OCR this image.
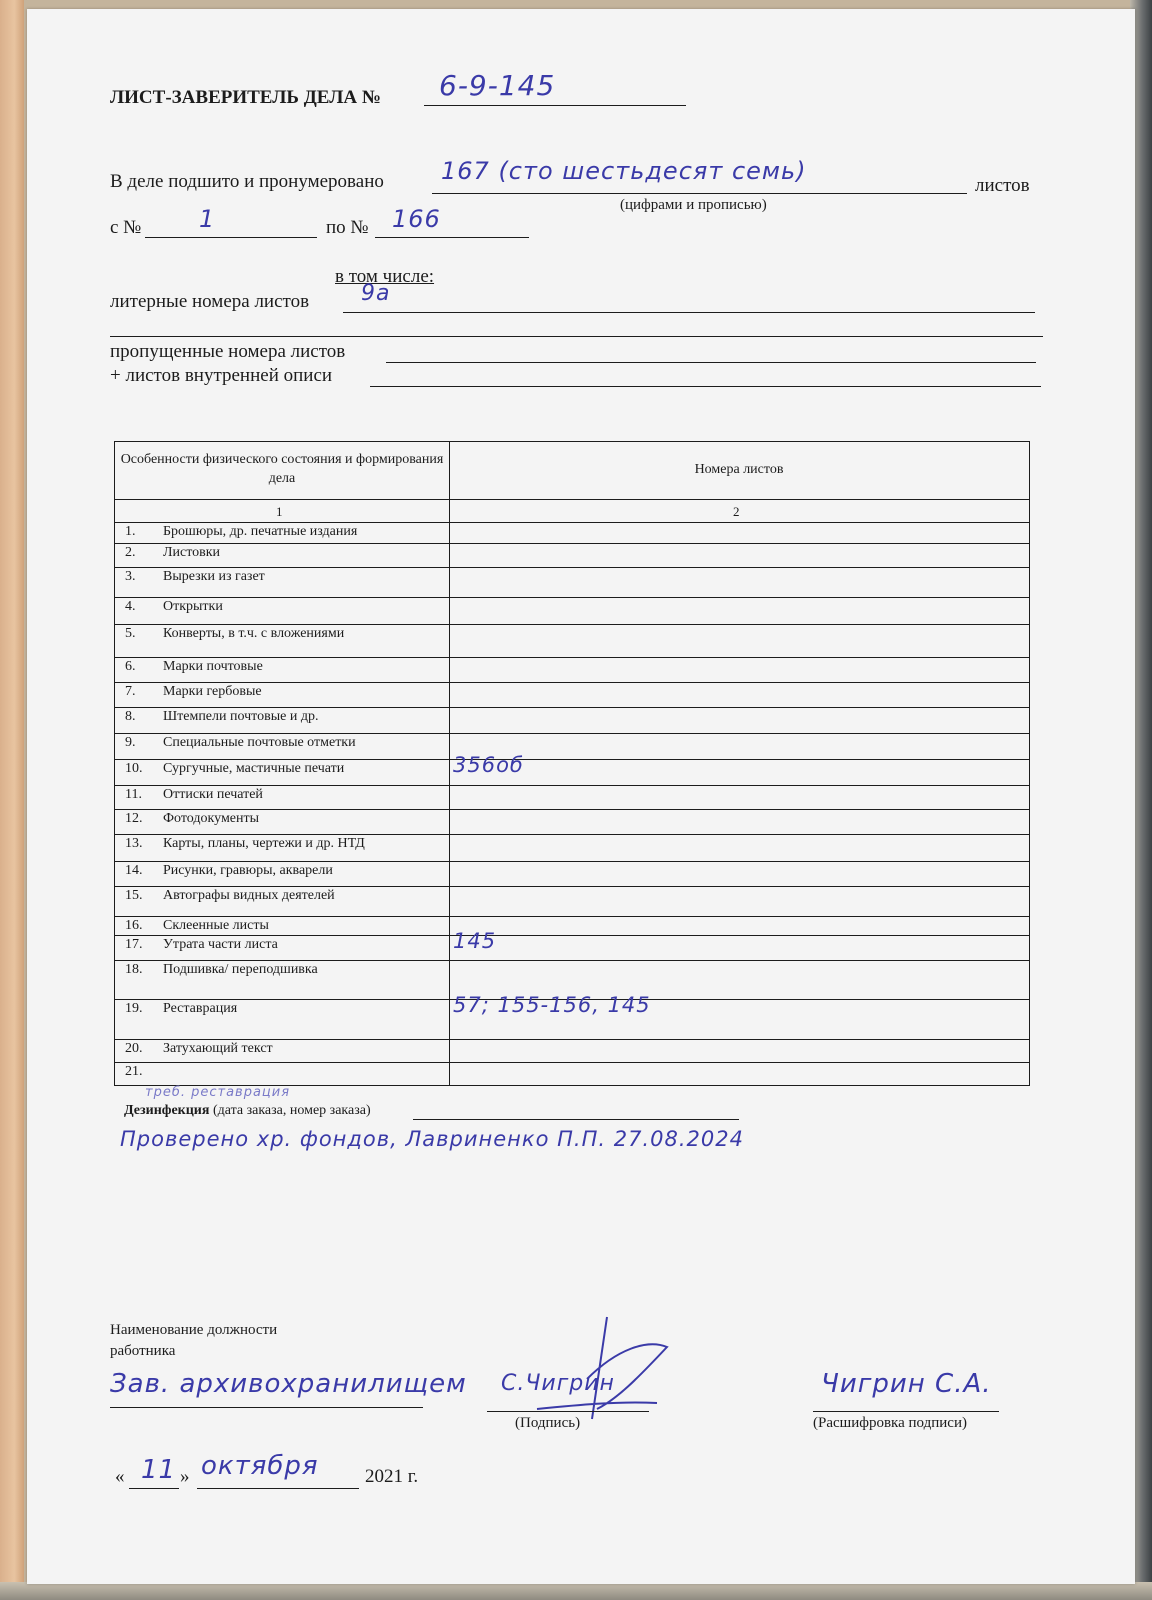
ЛИСТ-ЗАВЕРИТЕЛЬ ДЕЛА № 6-9-145
В деле подшито и пронумеровано 167 (сто шестьдесят семь)
листов
(цифрами и прописью)
с № 1	по № 166
в том числе:
литерные номера листов 9а
пропущенные номера листов
+ листов внутренней описи
Особенности физического состояния и формирования дела
Номера листов
1	2
1. Брошюры, др. печатные издания
2. Листовки
3. Вырезки из газет
4. Открытки
5. Конверты, в т.ч. с вложениями
6. Марки почтовые
7. Марки гербовые
8. Штемпели почтовые и др.
9. Специальные почтовые отметки
10. Сургучные, мастичные печати	356об
11. Оттиски печатей
12. Фотодокументы
13. Карты, планы, чертежи и др. НТД
14. Рисунки, гравюры, акварели
15. Автографы видных деятелей
16. Склеенные листы
17. Утрата части листа	145
18. Подшивка/ переподшивка
19. Реставрация	57; 155-156, 145
20. Затухающий текст
21.
треб. реставрация
Дезинфекция (дата заказа, номер заказа)
Проверено хр. фондов, Лавриненко П.П. 27.08.2024
Наименование должности
работника
Зав. архивохранилищем С.Чигрин
(Подпись)
Чигрин С.А.
(Расшифровка подписи)
« 11 » октября 2021 г.
